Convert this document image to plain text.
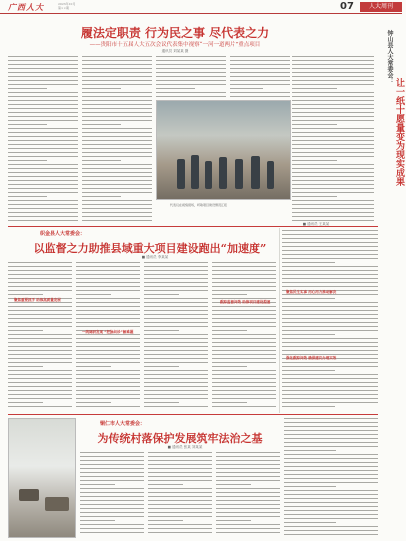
广西人大	2023年10月
第××期	07	人大周刊
履法定职责 行为民之事 尽代表之力
——贵阳市十五届人大五次会议代表集中视察“一河一道两片”重点项目
通讯员 刘某某 摄
代表们在视察现场，听取项目建设情况汇报
织金县人大常委会：
以监督之力助推县域重大项目建设跑出“加速度”
■ 通讯员 李某某
聚焦重要抓手 助推高质量发展
一线调研发现 “把脉问诊”解难题
跟踪监督问效 助推项目建设提速
钟山县人大常委会：
让一纸十愿量变为现实成果
聚焦民生实事 用心用力推动解决
强化跟踪问效 确保建议办理实效
■ 通讯员 王某某
铜仁市人大常委会：
为传统村落保护发展筑牢法治之基
■ 通讯员 张某 刘某某
